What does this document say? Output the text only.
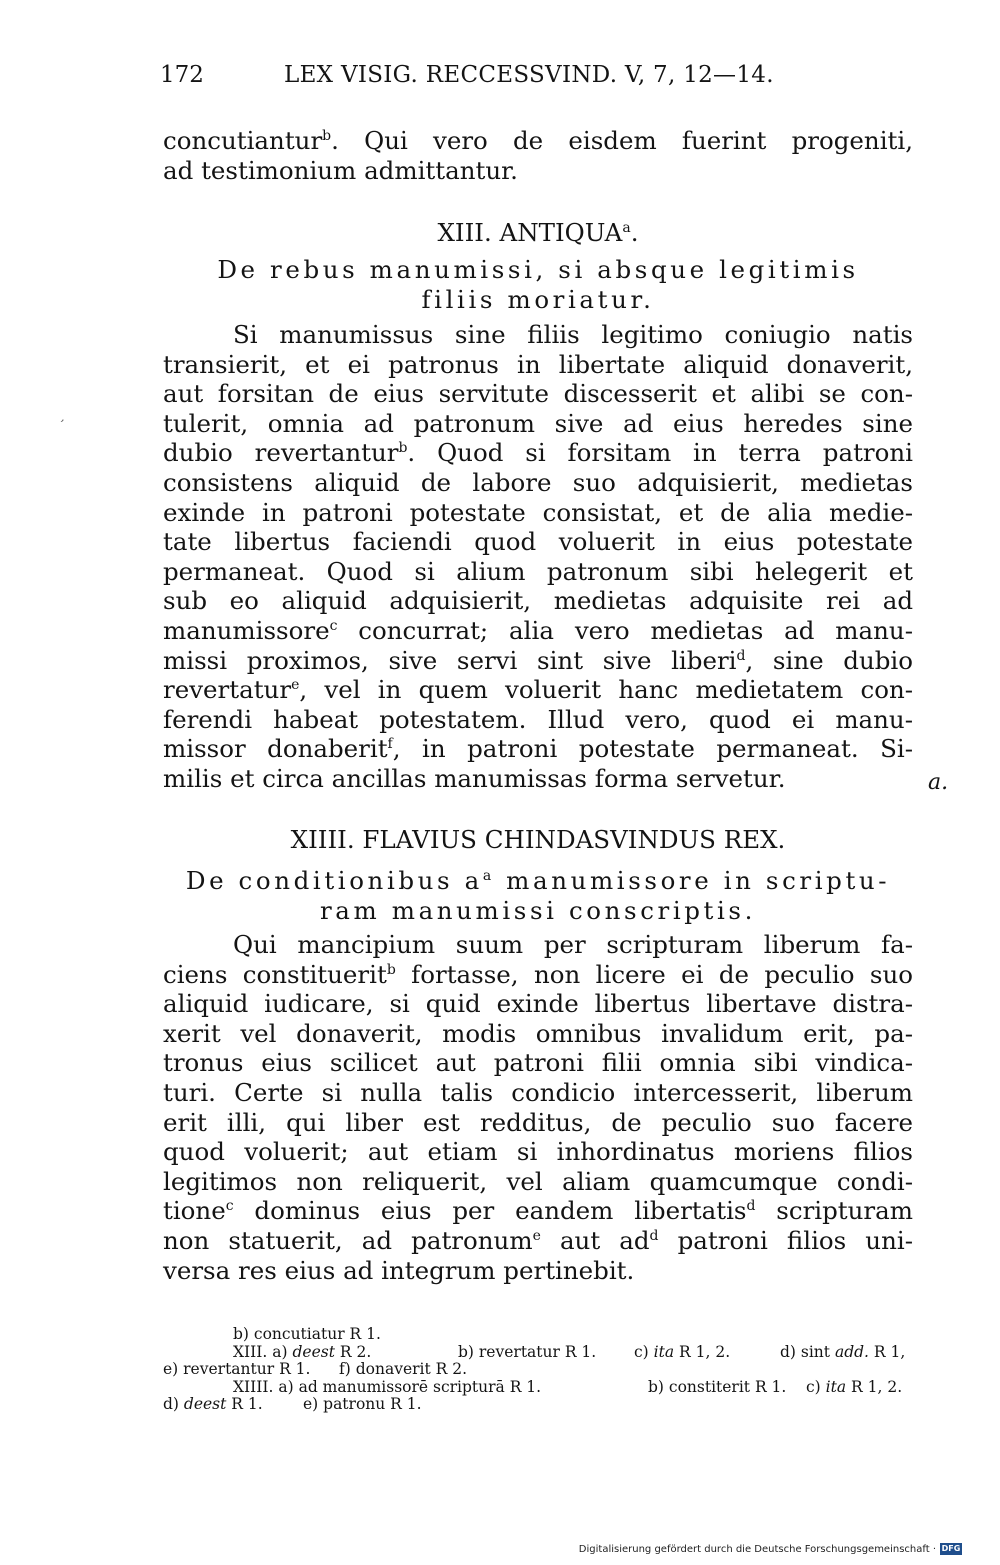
172	LEX VISIG. RECCESSVIND. V, 7, 12—14.
concutiantur$^b$. Qui vero de eisdem fuerint progeniti,
ad testimonium admittantur.
XIII. ANTIQUA$^a$.
De rebus manumissi, si absque legitimis
filiis moriatur.
Si manumissus sine filiis legitimo coniugio natis
transierit, et ei patronus in libertate aliquid donaverit,
aut forsitan de eius servitute discesserit et alibi se con-
tulerit, omnia ad patronum sive ad eius heredes sine
dubio revertantur$^b$. Quod si forsitam in terra patroni
consistens aliquid de labore suo adquisierit, medietas
exinde in patroni potestate consistat, et de alia medie-
tate libertus faciendi quod voluerit in eius potestate
permaneat. Quod si alium patronum sibi helegerit et
sub eo aliquid adquisierit, medietas adquisite rei ad
manumissore$^c$ concurrat; alia vero medietas ad manu-
missi proximos, sive servi sint sive liberi$^d$, sine dubio
revertatur$^e$, vel in quem voluerit hanc medietatem con-
ferendi habeat potestatem. Illud vero, quod ei manu-
missor donaberit$^f$, in patroni potestate permaneat. Si-
milis et circa ancillas manumissas forma servetur.	a.
,
XIIII. FLAVIUS CHINDASVINDUS REX.
De conditionibus $a^a$ manumissore in scriptu-
ram manumissi conscriptis.
Qui mancipium suum per scripturam liberum fa-
ciens constituerit$^b$ fortasse, non licere ei de peculio suo
aliquid iudicare, si quid exinde libertus libertave distra-
xerit vel donaverit, modis omnibus invalidum erit, pa-
tronus eius scilicet aut patroni filii omnia sibi vindica-
turi. Certe si nulla talis condicio intercesserit, liberum
erit illi, qui liber est redditus, de peculio suo facere
quod voluerit; aut etiam si inhordinatus moriens filios
legitimos non reliquerit, vel aliam quamcumque condi-
tione$^c$ dominus eius per eandem libertatis$^d$ scripturam
non statuerit, ad patronum$^e$ aut $ad^d$ patroni filios uni-
versa res eius ad integrum pertinebit.
b) concutiatur R 1.
XIII. a) deest R 2.	b) revertatur R 1. c) ita R 1, 2.	d) sint add. R 1,
e) revertantur R 1. f) donaverit R 2.
XIIII. a) ad manumissorē scripturā R 1.	b) constiterit R 1. c) ita R 1, 2.
d) deest R 1.	e) patronu R 1.
Digitalisierung gefördert durch die Deutsche Forschungsgemeinschaft · DFG
